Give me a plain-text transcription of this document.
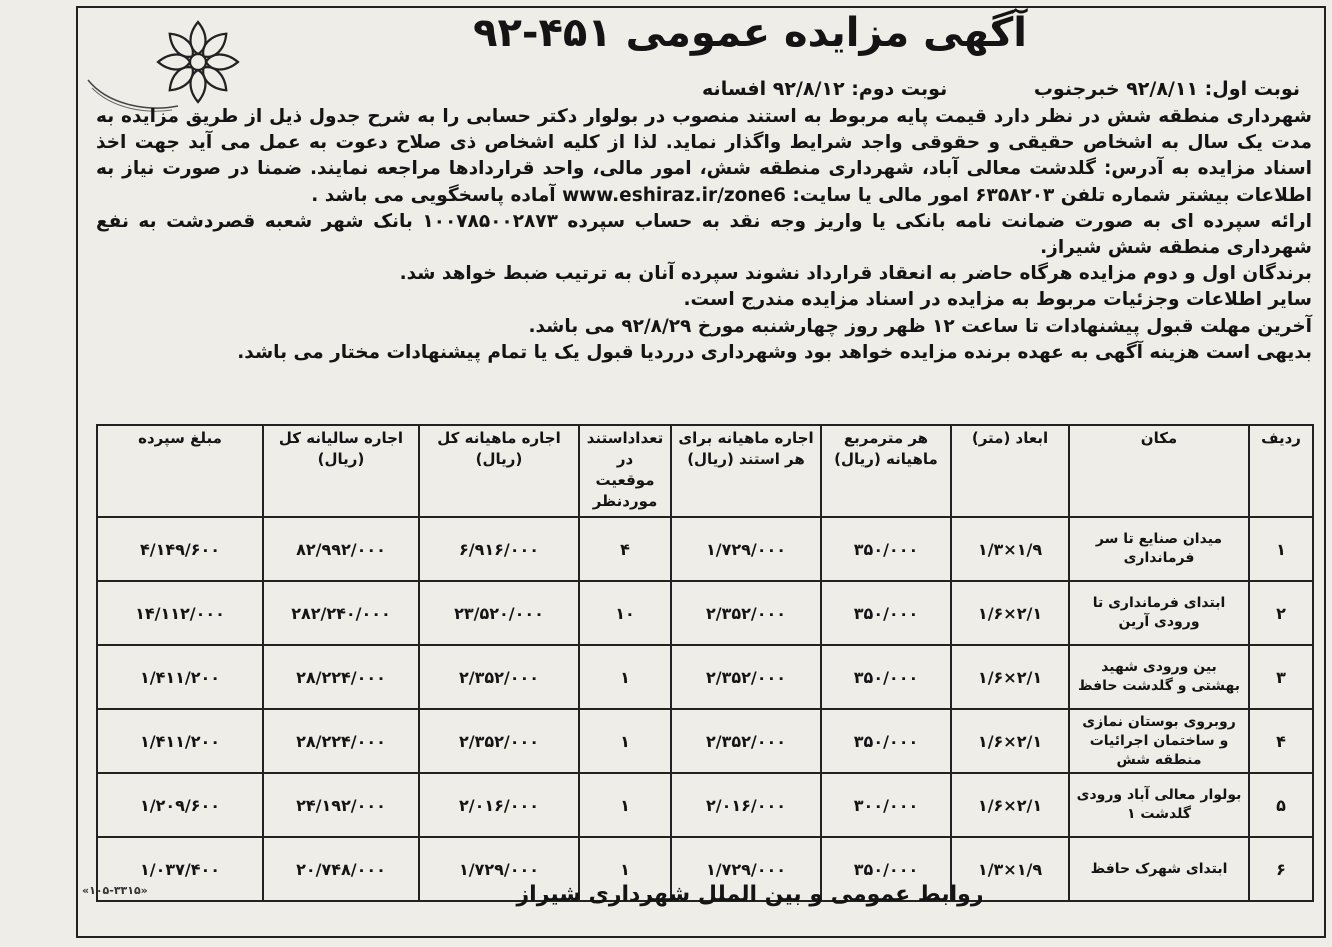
آگهی مزایده عمومی ۴۵۱-۹۲
نوبت اول: ۹۲/۸/۱۱ خبرجنوب نوبت دوم: ۹۲/۸/۱۲ افسانه

شهرداری منطقه شش در نظر دارد قیمت پایه مربوط به استند منصوب در بولوار دکتر حسابی را به شرح جدول ذیل از طریق مزایده به مدت یک سال به اشخاص حقیقی و حقوقی واجد شرایط واگذار نماید. لذا از کلیه اشخاص ذی صلاح دعوت به عمل می آید جهت اخذ اسناد مزایده به آدرس: گلدشت معالی آباد، شهرداری منطقه شش، امور مالی، واحد قراردادها مراجعه نمایند. ضمنا در صورت نیاز به اطلاعات بیشتر شماره تلفن ۶۳۵۸۲۰۳ امور مالی یا سایت: www.eshiraz.ir/zone6 آماده پاسخگویی می باشد .

ارائه سپرده ای به صورت ضمانت نامه بانکی یا واریز وجه نقد به حساب سپرده ۱۰۰۷۸۵۰۰۲۸۷۳ بانک شهر شعبه قصردشت به نفع شهرداری منطقه شش شیراز.

برندگان اول و دوم مزایده هرگاه حاضر به انعقاد قرارداد نشوند سپرده آنان به ترتیب ضبط خواهد شد.

سایر اطلاعات وجزئیات مربوط به مزایده در اسناد مزایده مندرج است.

آخرین مهلت قبول پیشنهادات تا ساعت ۱۲ ظهر روز چهارشنبه مورخ ۹۲/۸/۲۹ می باشد.

بدیهی است هزینه آگهی به عهده برنده مزایده خواهد بود وشهرداری درردیا قبول یک یا تمام پیشنهادات مختار می باشد.

ردیف	مکان	ابعاد (متر)	هر مترمربع ماهیانه (ریال)	اجاره ماهیانه برای هر استند (ریال)	تعداداستند در موقعیت موردنظر	اجاره ماهیانه کل (ریال)	اجاره سالیانه کل (ریال)	مبلغ سپرده
۱	میدان صنایع تا سر فرمانداری	۱/۹×۱/۳	۳۵۰/۰۰۰	۱/۷۲۹/۰۰۰	۴	۶/۹۱۶/۰۰۰	۸۲/۹۹۲/۰۰۰	۴/۱۴۹/۶۰۰
۲	ابتدای فرمانداری تا ورودی آرین	۲/۱×۱/۶	۳۵۰/۰۰۰	۲/۳۵۲/۰۰۰	۱۰	۲۳/۵۲۰/۰۰۰	۲۸۲/۲۴۰/۰۰۰	۱۴/۱۱۲/۰۰۰
۳	بین ورودی شهید بهشتی و گلدشت حافظ	۲/۱×۱/۶	۳۵۰/۰۰۰	۲/۳۵۲/۰۰۰	۱	۲/۳۵۲/۰۰۰	۲۸/۲۲۴/۰۰۰	۱/۴۱۱/۲۰۰
۴	روبروی بوستان نمازی و ساختمان اجرائیات منطقه شش	۲/۱×۱/۶	۳۵۰/۰۰۰	۲/۳۵۲/۰۰۰	۱	۲/۳۵۲/۰۰۰	۲۸/۲۲۴/۰۰۰	۱/۴۱۱/۲۰۰
۵	بولوار معالی آباد ورودی گلدشت ۱	۲/۱×۱/۶	۳۰۰/۰۰۰	۲/۰۱۶/۰۰۰	۱	۲/۰۱۶/۰۰۰	۲۴/۱۹۲/۰۰۰	۱/۲۰۹/۶۰۰
۶	ابتدای شهرک حافظ	۱/۹×۱/۳	۳۵۰/۰۰۰	۱/۷۲۹/۰۰۰	۱	۱/۷۲۹/۰۰۰	۲۰/۷۴۸/۰۰۰	۱/۰۳۷/۴۰۰
«۱۰۵-۳۳۱۵»	روابط عمومی و بین الملل شهرداری شیراز
